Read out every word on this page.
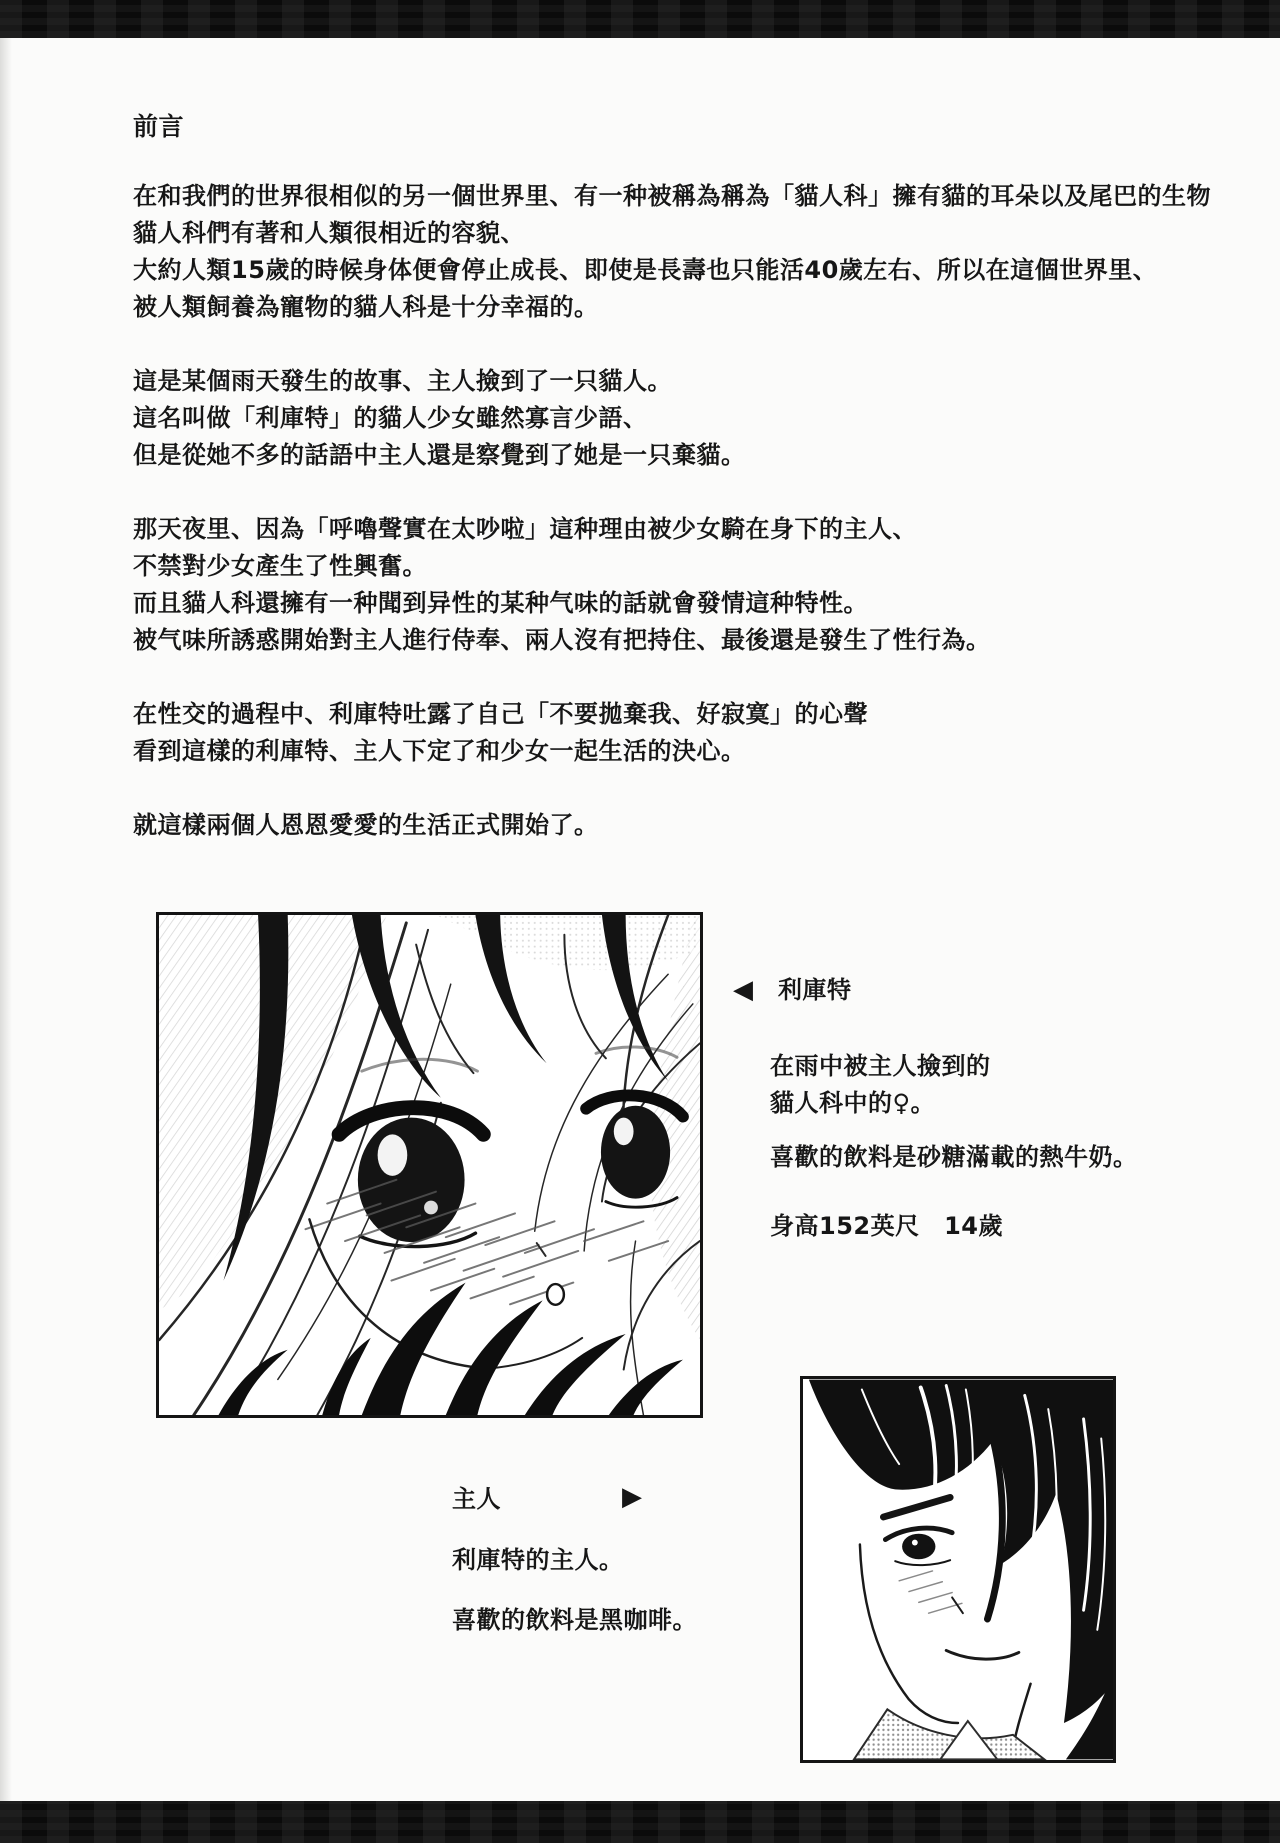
前言
在和我們的世界很相似的另一個世界里、有一种被稱為稱為「貓人科」擁有貓的耳朵以及尾巴的生物
貓人科們有著和人類很相近的容貌、
大約人類15歲的時候身体便會停止成長、即使是長壽也只能活40歲左右、所以在這個世界里、
被人類飼養為寵物的貓人科是十分幸福的。
這是某個雨天發生的故事、主人撿到了一只貓人。
這名叫做「利庫特」的貓人少女雖然寡言少語、
但是從她不多的話語中主人還是察覺到了她是一只棄貓。
那天夜里、因為「呼嚕聲實在太吵啦」這种理由被少女騎在身下的主人、
不禁對少女產生了性興奮。
而且貓人科還擁有一种聞到异性的某种气味的話就會發情這种特性。
被气味所誘惑開始對主人進行侍奉、兩人沒有把持住、最後還是發生了性行為。
在性交的過程中、利庫特吐露了自己「不要拋棄我、好寂寞」的心聲
看到這樣的利庫特、主人下定了和少女一起生活的決心。
就這樣兩個人恩恩愛愛的生活正式開始了。
◀ 利庫特
在雨中被主人撿到的
貓人科中的♀。
喜歡的飲料是砂糖滿載的熱牛奶。
身高152英尺　14歲
主人	▶
利庫特的主人。
喜歡的飲料是黑咖啡。
